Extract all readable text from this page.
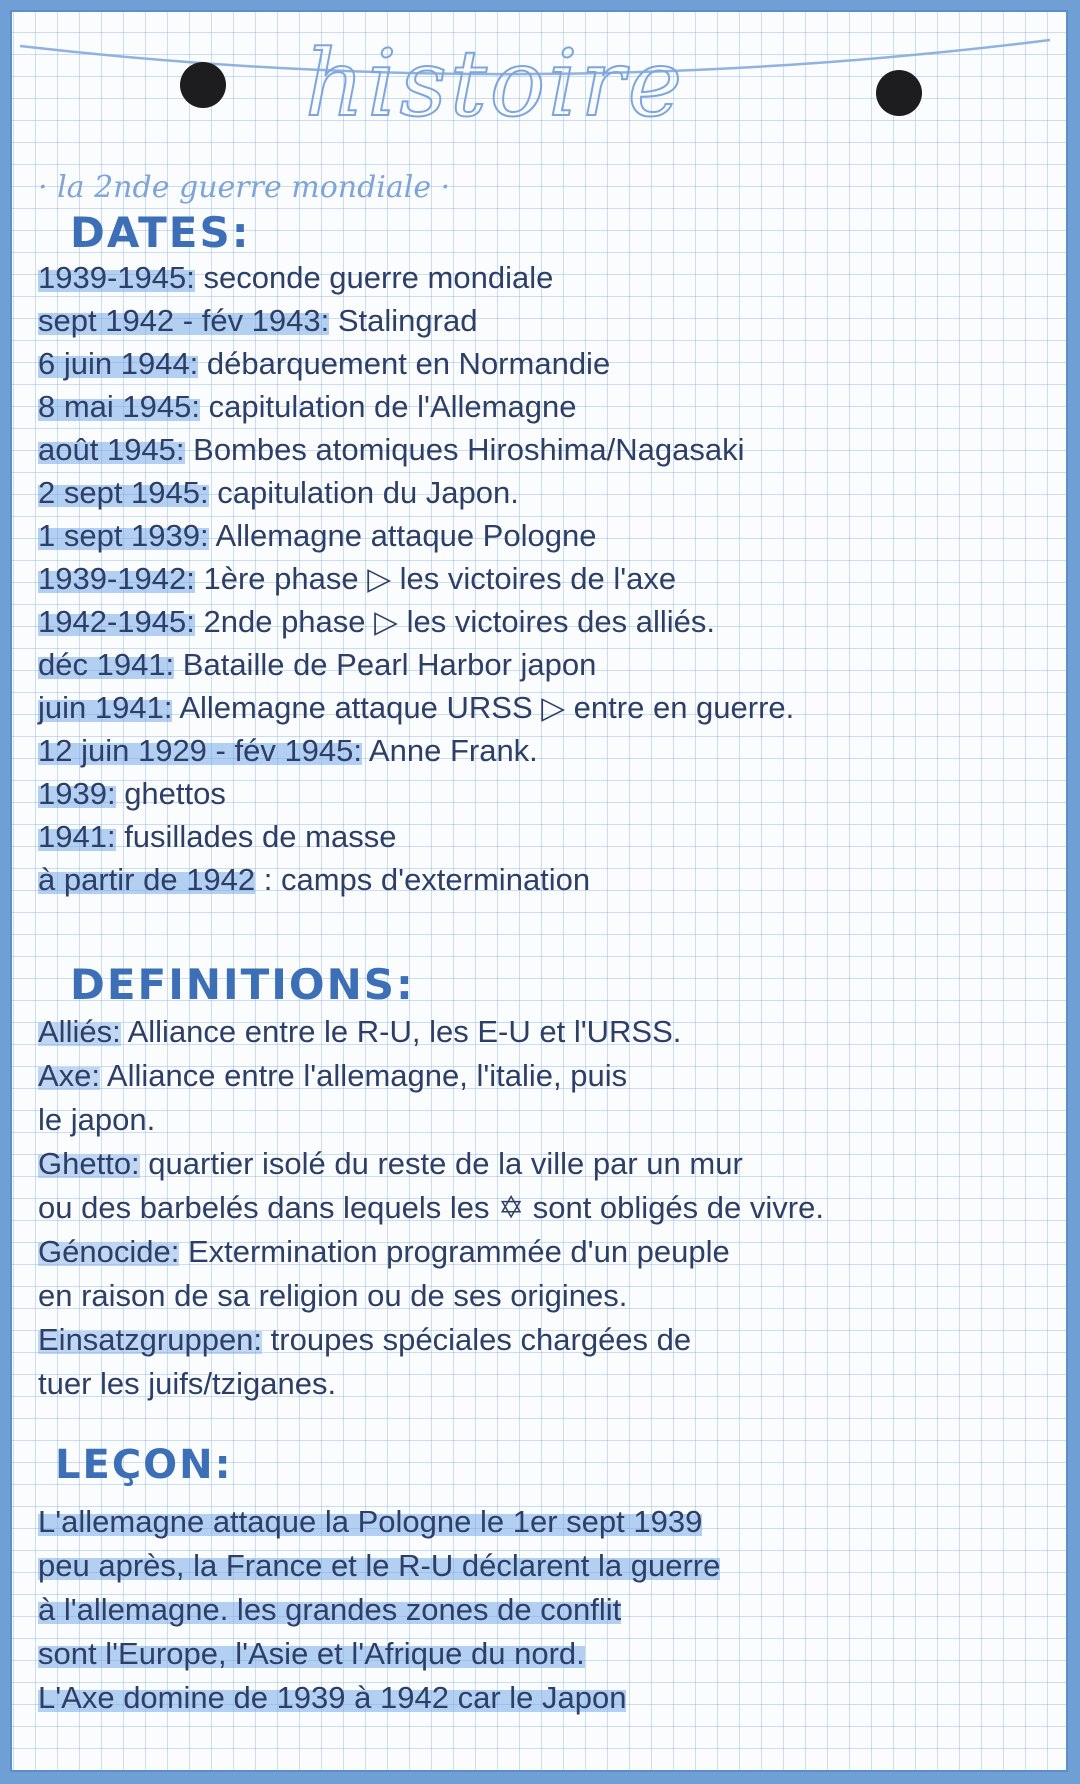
histoire
· la 2nde guerre mondiale ·
DATES:
1939-1945: seconde guerre mondiale
sept 1942 - fév 1943: Stalingrad
6 juin 1944: débarquement en Normandie
8 mai 1945: capitulation de l'Allemagne
août 1945: Bombes atomiques Hiroshima/Nagasaki
2 sept 1945: capitulation du Japon.
1 sept 1939: Allemagne attaque Pologne
1939-1942: 1ère phase ▷ les victoires de l'axe
1942-1945: 2nde phase ▷ les victoires des alliés.
déc 1941: Bataille de Pearl Harbor japon
juin 1941: Allemagne attaque URSS ▷ entre en guerre.
12 juin 1929 - fév 1945: Anne Frank.
1939: ghettos
1941: fusillades de masse
à partir de 1942 : camps d'extermination
DEFINITIONS:
Alliés: Alliance entre le R-U, les E-U et l'URSS.
Axe: Alliance entre l'allemagne, l'italie, puis
le japon.
Ghetto: quartier isolé du reste de la ville par un mur
ou des barbelés dans lequels les ✡ sont obligés de vivre.
Génocide: Extermination programmée d'un peuple
en raison de sa religion ou de ses origines.
Einsatzgruppen: troupes spéciales chargées de
tuer les juifs/tziganes.
LEÇON:
L'allemagne attaque la Pologne le 1er sept 1939
peu après, la France et le R-U déclarent la guerre
à l'allemagne. les grandes zones de conflit
sont l'Europe, l'Asie et l'Afrique du nord.
L'Axe domine de 1939 à 1942 car le Japon
